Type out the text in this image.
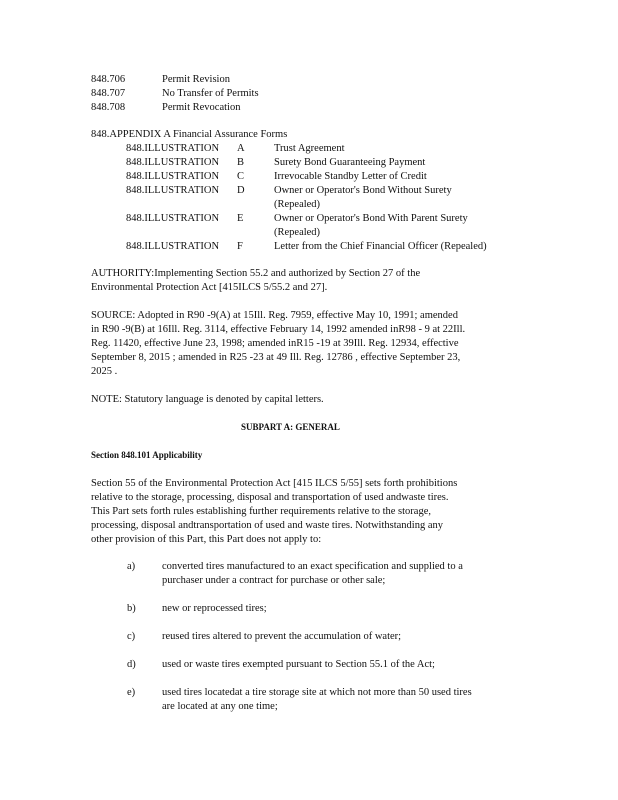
848.706	Permit Revision
848.707	No Transfer of Permits
848.708	Permit Revocation
848.APPENDIX A Financial Assurance Forms
848.ILLUSTRATION A	Trust Agreement
848.ILLUSTRATION B	Surety Bond Guaranteeing Payment
848.ILLUSTRATION C	Irrevocable Standby Letter of Credit
848.ILLUSTRATION D	Owner or Operator's Bond Without Surety
(Repealed)
848.ILLUSTRATION E	Owner or Operator's Bond With Parent Surety
(Repealed)
848.ILLUSTRATION F	Letter from the Chief Financial Officer (Repealed)
AUTHORITY:Implementing Section 55.2 and authorized by Section 27 of the
Environmental Protection Act [415ILCS 5/55.2 and 27].
SOURCE: Adopted in R90 -9(A) at 15Ill. Reg. 7959, effective May 10, 1991; amended
in R90 -9(B) at 16Ill. Reg. 3114, effective February 14, 1992 amended inR98 - 9 at 22Ill.
Reg. 11420, effective June 23, 1998; amended inR15 -19 at 39Ill. Reg. 12934, effective
September 8, 2015 ; amended in R25 -23 at 49 Ill. Reg. 12786 , effective September 23,
2025 .
NOTE: Statutory language is denoted by capital letters.
SUBPART A: GENERAL
Section 848.101 Applicability
Section 55 of the Environmental Protection Act [415 ILCS 5/55] sets forth prohibitions
relative to the storage, processing, disposal and transportation of used andwaste tires.
This Part sets forth rules establishing further requirements relative to the storage,
processing, disposal andtransportation of used and waste tires. Notwithstanding any
other provision of this Part, this Part does not apply to:
a)	converted tires manufactured to an exact specification and supplied to a
purchaser under a contract for purchase or other sale;
b)	new or reprocessed tires;
c)	reused tires altered to prevent the accumulation of water;
d)	used or waste tires exempted pursuant to Section 55.1 of the Act;
e)	used tires locatedat a tire storage site at which not more than 50 used tires
are located at any one time;
